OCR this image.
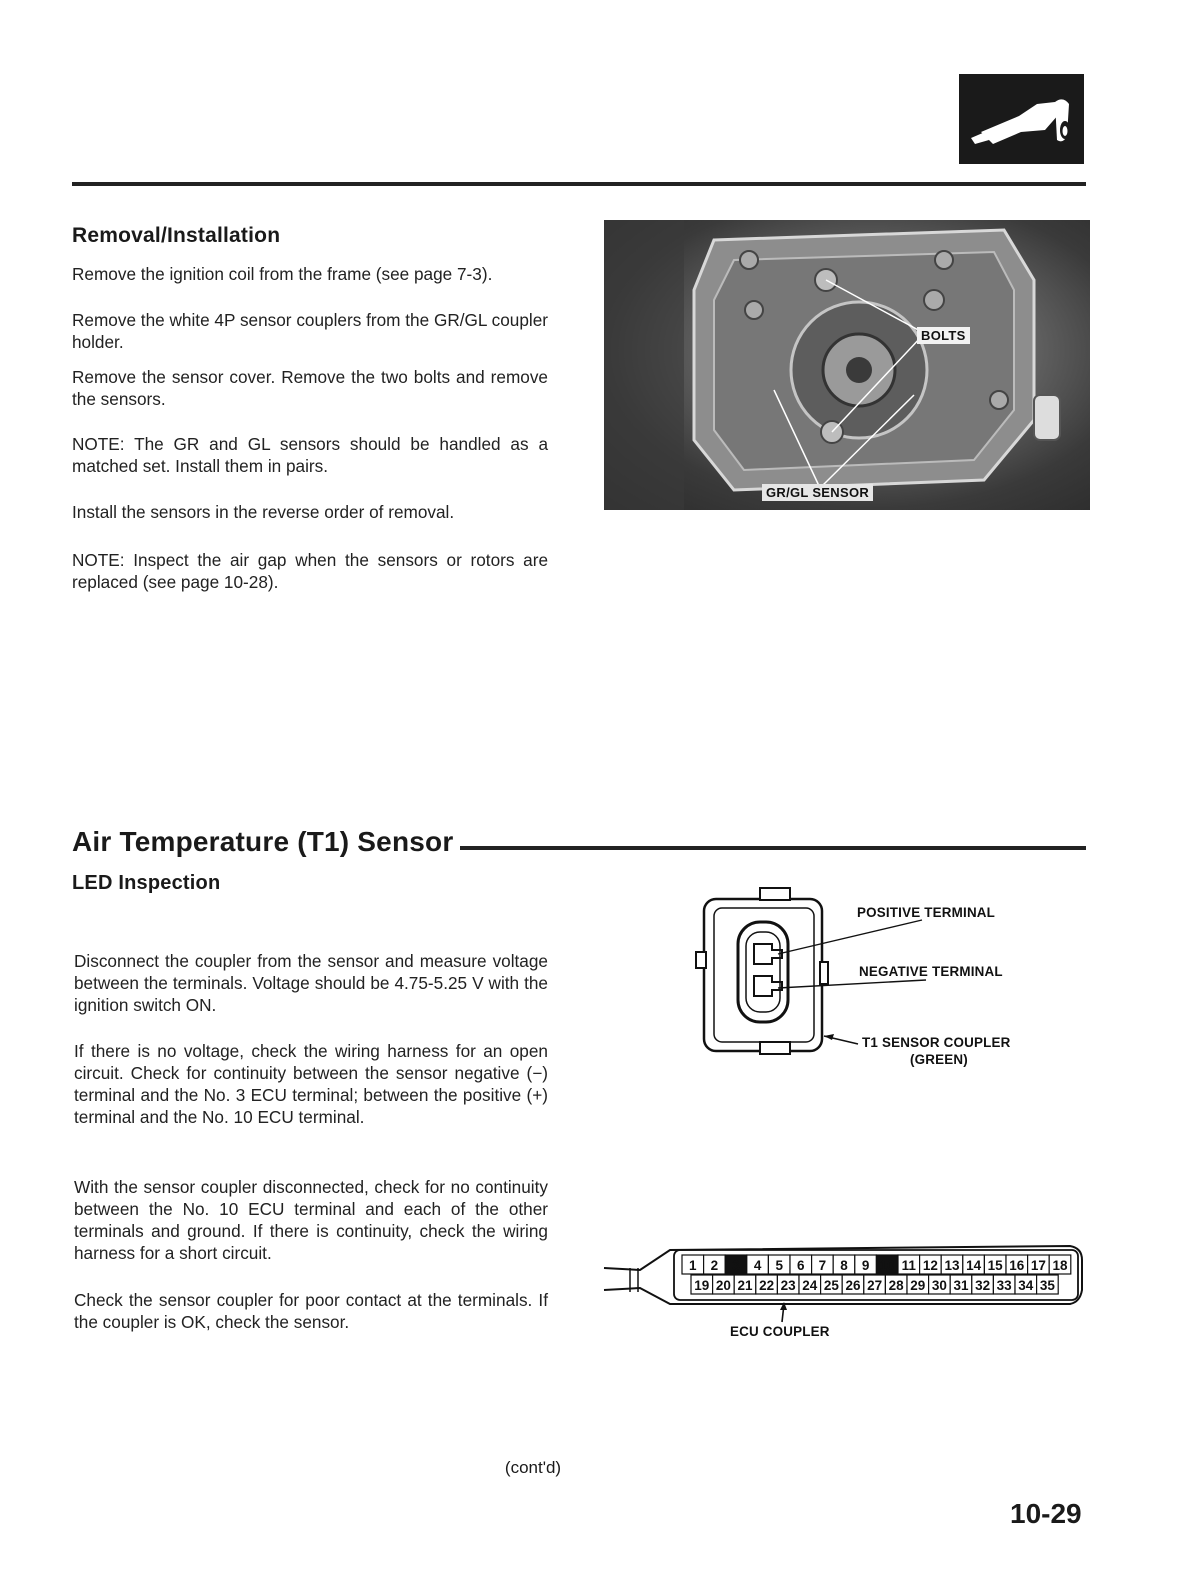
Removal/Installation
Remove the ignition coil from the frame (see page 7-3).
Remove the white 4P sensor couplers from the GR/GL coupler holder.
Remove the sensor cover. Remove the two bolts and remove the sensors.
NOTE: The GR and GL sensors should be handled as a matched set. Install them in pairs.
Install the sensors in the reverse order of removal.
NOTE: Inspect the air gap when the sensors or rotors are replaced (see page 10-28).
BOLTS
GR/GL SENSOR
Air Temperature (T1) Sensor
LED Inspection
Disconnect the coupler from the sensor and measure voltage between the terminals. Voltage should be 4.75-5.25 V with the ignition switch ON.
If there is no voltage, check the wiring harness for an open circuit. Check for continuity between the sensor negative (−) terminal and the No. 3 ECU terminal; between the positive (+) terminal and the No. 10 ECU terminal.
With the sensor coupler disconnected, check for no continuity between the No. 10 ECU terminal and each of the other terminals and ground. If there is continuity, check the wiring harness for a short circuit.
Check the sensor coupler for poor contact at the terminals. If the coupler is OK, check the sensor.
POSITIVE TERMINAL
NEGATIVE TERMINAL
T1 SENSOR COUPLER
(GREEN)
1 2 3 4 5 6 7 8 9 10 11 12 13 14 15 16 17 18
19 20 21 22 23 24 25 26 27 28 29 30 31 32 33 34 35
ECU COUPLER
(cont'd)
10-29
